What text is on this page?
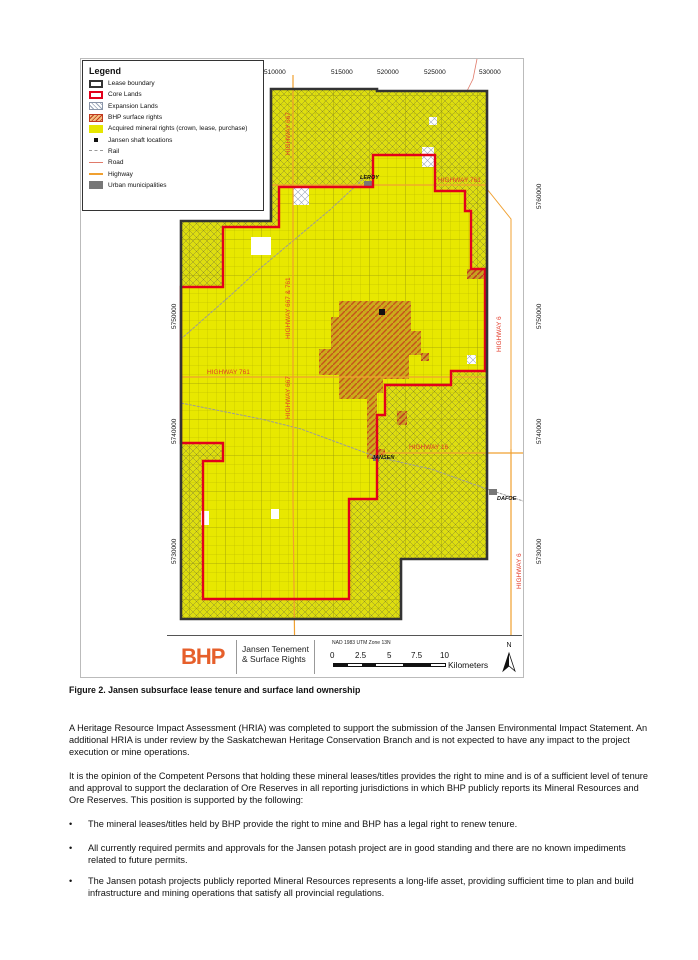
510000	515000	520000	525000	530000
5750000
5740000
5730000
5760000
5750000
5740000
5730000
HIGHWAY 667
HIGHWAY 761
HIGHWAY 667 & 761	HIGHWAY 6
HIGHWAY 761
HIGHWAY 667
HIGHWAY 16
HIGHWAY 6
LEROY
JANSEN
DAFOE
Legend
Lease boundary
Core Lands
Expansion Lands
BHP surface rights
Acquired mineral rights (crown, lease, purchase)
Jansen shaft locations
Rail
Road
Highway
Urban municipalities
BHP Jansen Tenement & Surface Rights
NAD 1983 UTM Zone 13N
0	2.5	5 7.5 10
Kilometers
N
Figure 2. Jansen subsurface lease tenure and surface land ownership

A Heritage Resource Impact Assessment (HRIA) was completed to support the submission of the Jansen Environmental Impact Statement. An additional HRIA is under review by the Saskatchewan Heritage Conservation Branch and is not expected to have any impact to the project execution or mine operations.

It is the opinion of the Competent Persons that holding these mineral leases/titles provides the right to mine and is of a sufficient level of tenure and approval to support the declaration of Ore Reserves in all reporting jurisdictions in which BHP publicly reports its Mineral Resources and Ore Reserves. This position is supported by the following:

•	The mineral leases/titles held by BHP provide the right to mine and BHP has a legal right to renew tenure.
•	All currently required permits and approvals for the Jansen potash project are in good standing and there are no known impediments related to future permits.
•	The Jansen potash projects publicly reported Mineral Resources represents a long-life asset, providing sufficient time to plan and build infrastructure and mining operations that satisfy all provincial regulations.
